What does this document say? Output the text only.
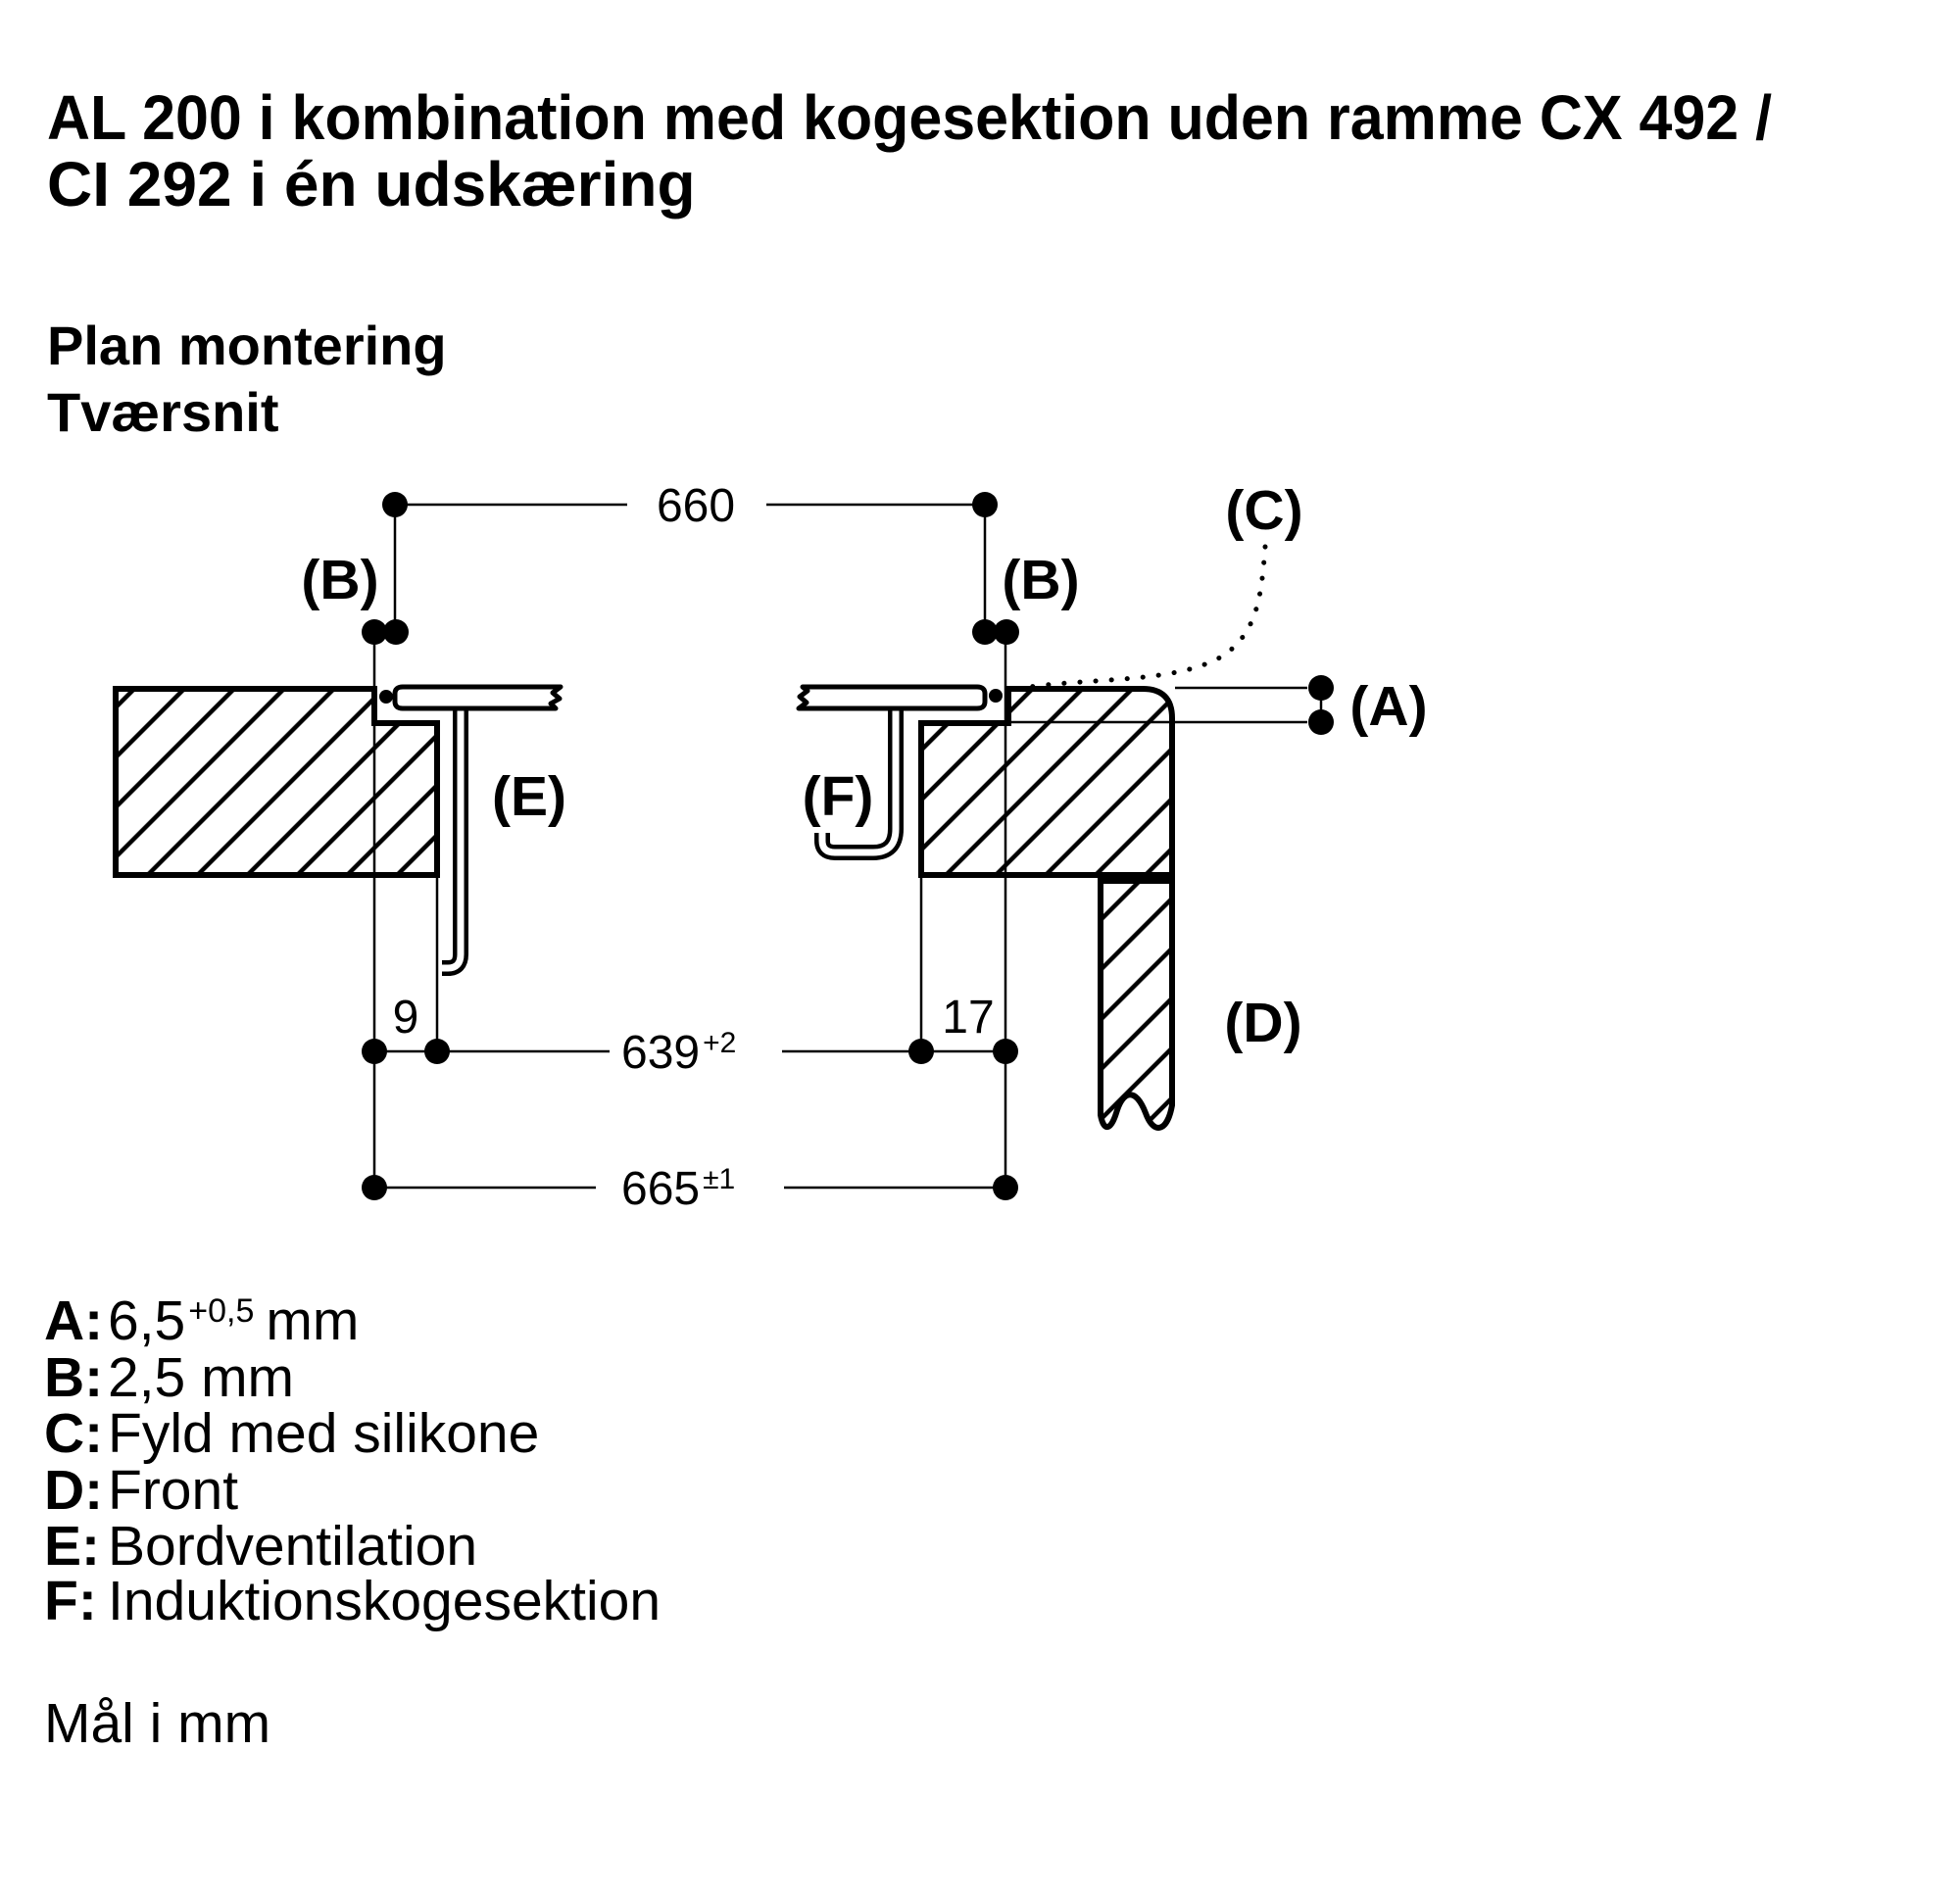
AL 200 i kombination med kogesektion uden ramme CX 492 /
CI 292 i én udskæring
Plan montering
Tværsnit
660
639 $^{+2}$
9	17
665 $^{\pm 1}$
(B)	(B)
(C)
(A)
(E)	(F)
(D)
$A:6,5^{+0,5}$ mm
B:2,5 mm
C:Fyld med silikone
D:Front
E: Bordventilation
F: Induktionskogesektion
Mål i mm
